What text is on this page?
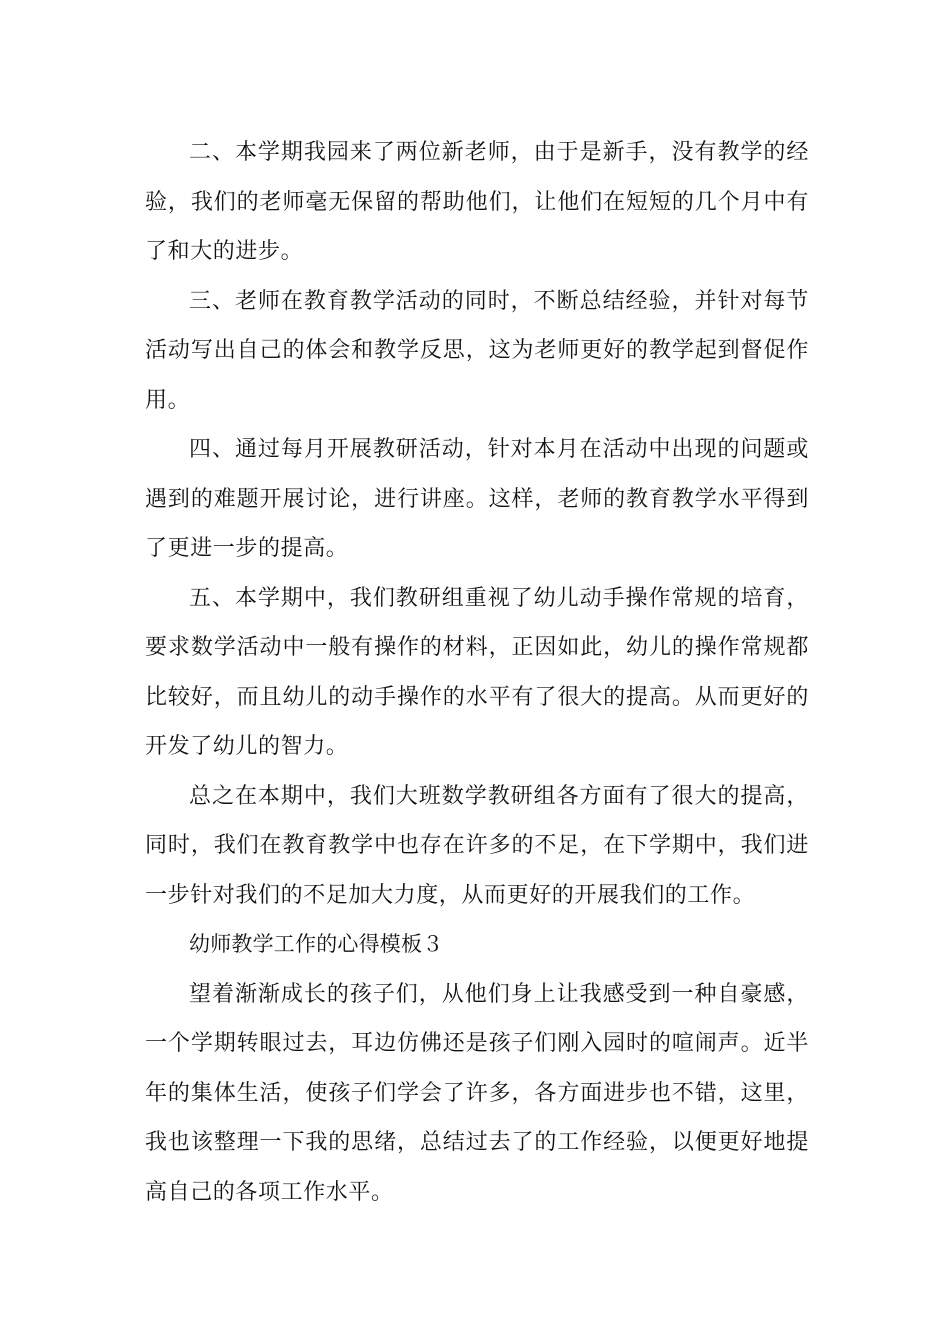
二、本学期我园来了两位新老师，由于是新手，没有教学的经验，我们的老师毫无保留的帮助他们，让他们在短短的几个月中有了和大的进步。

三、老师在教育教学活动的同时，不断总结经验，并针对每节活动写出自己的体会和教学反思，这为老师更好的教学起到督促作用。

四、通过每月开展教研活动，针对本月在活动中出现的问题或遇到的难题开展讨论，进行讲座。这样，老师的教育教学水平得到了更进一步的提高。

五、本学期中，我们教研组重视了幼儿动手操作常规的培育，要求数学活动中一般有操作的材料，正因如此，幼儿的操作常规都比较好，而且幼儿的动手操作的水平有了很大的提高。从而更好的开发了幼儿的智力。

总之在本期中，我们大班数学教研组各方面有了很大的提高，同时，我们在教育教学中也存在许多的不足，在下学期中，我们进一步针对我们的不足加大力度，从而更好的开展我们的工作。

幼师教学工作的心得模板３

望着渐渐成长的孩子们，从他们身上让我感受到一种自豪感，一个学期转眼过去，耳边仿佛还是孩子们刚入园时的喧闹声。近半年的集体生活，使孩子们学会了许多，各方面进步也不错，这里，我也该整理一下我的思绪，总结过去了的工作经验，以便更好地提高自己的各项工作水平。
